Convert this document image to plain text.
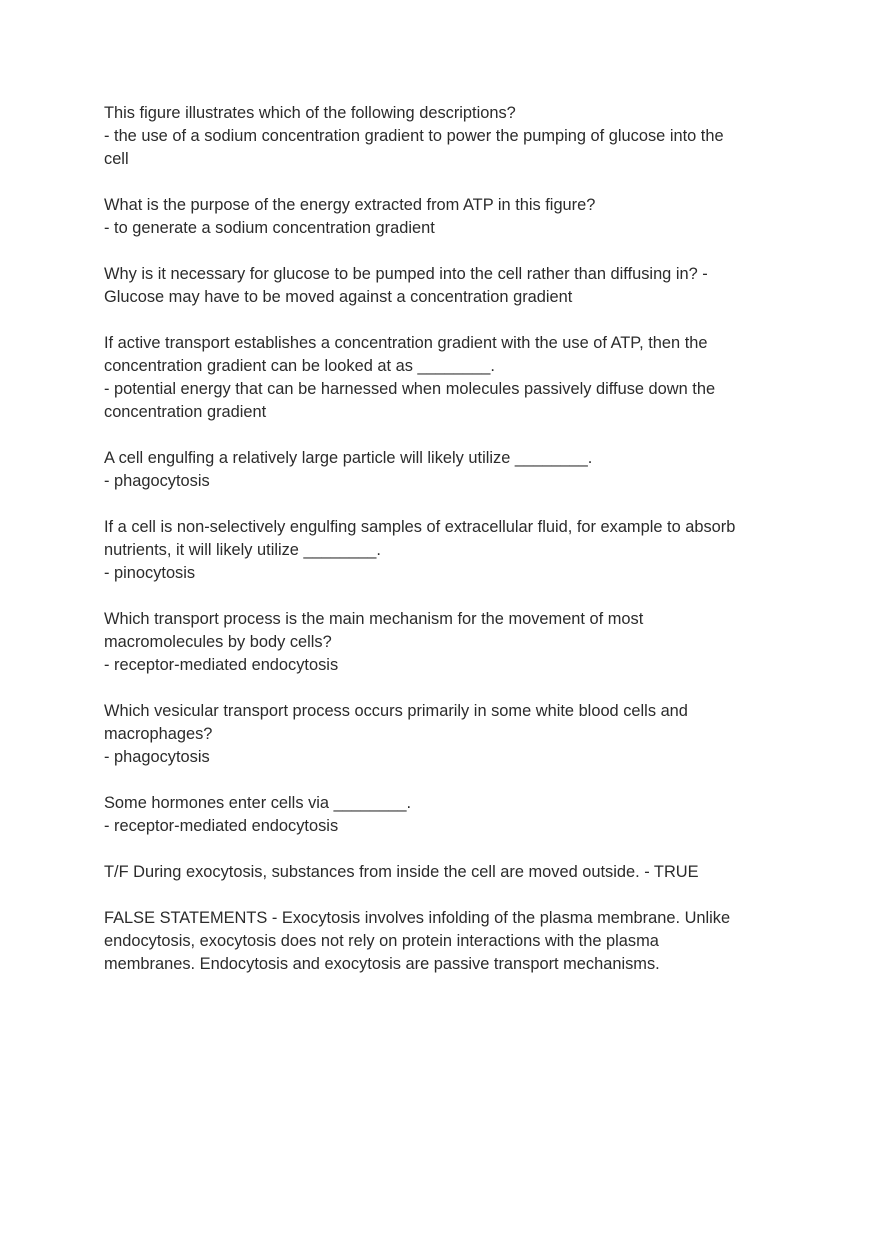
This figure illustrates which of the following descriptions?
- the use of a sodium concentration gradient to power the pumping of glucose into the
cell
What is the purpose of the energy extracted from ATP in this figure?
- to generate a sodium concentration gradient
Why is it necessary for glucose to be pumped into the cell rather than diffusing in? -
Glucose may have to be moved against a concentration gradient
If active transport establishes a concentration gradient with the use of ATP, then the
concentration gradient can be looked at as ________.
- potential energy that can be harnessed when molecules passively diffuse down the
concentration gradient
A cell engulfing a relatively large particle will likely utilize ________.
- phagocytosis
If a cell is non-selectively engulfing samples of extracellular fluid, for example to absorb
nutrients, it will likely utilize ________.
- pinocytosis
Which transport process is the main mechanism for the movement of most
macromolecules by body cells?
- receptor-mediated endocytosis
Which vesicular transport process occurs primarily in some white blood cells and
macrophages?
- phagocytosis
Some hormones enter cells via ________.
- receptor-mediated endocytosis
T/F During exocytosis, substances from inside the cell are moved outside. - TRUE
FALSE STATEMENTS - Exocytosis involves infolding of the plasma membrane. Unlike
endocytosis, exocytosis does not rely on protein interactions with the plasma
membranes. Endocytosis and exocytosis are passive transport mechanisms.
